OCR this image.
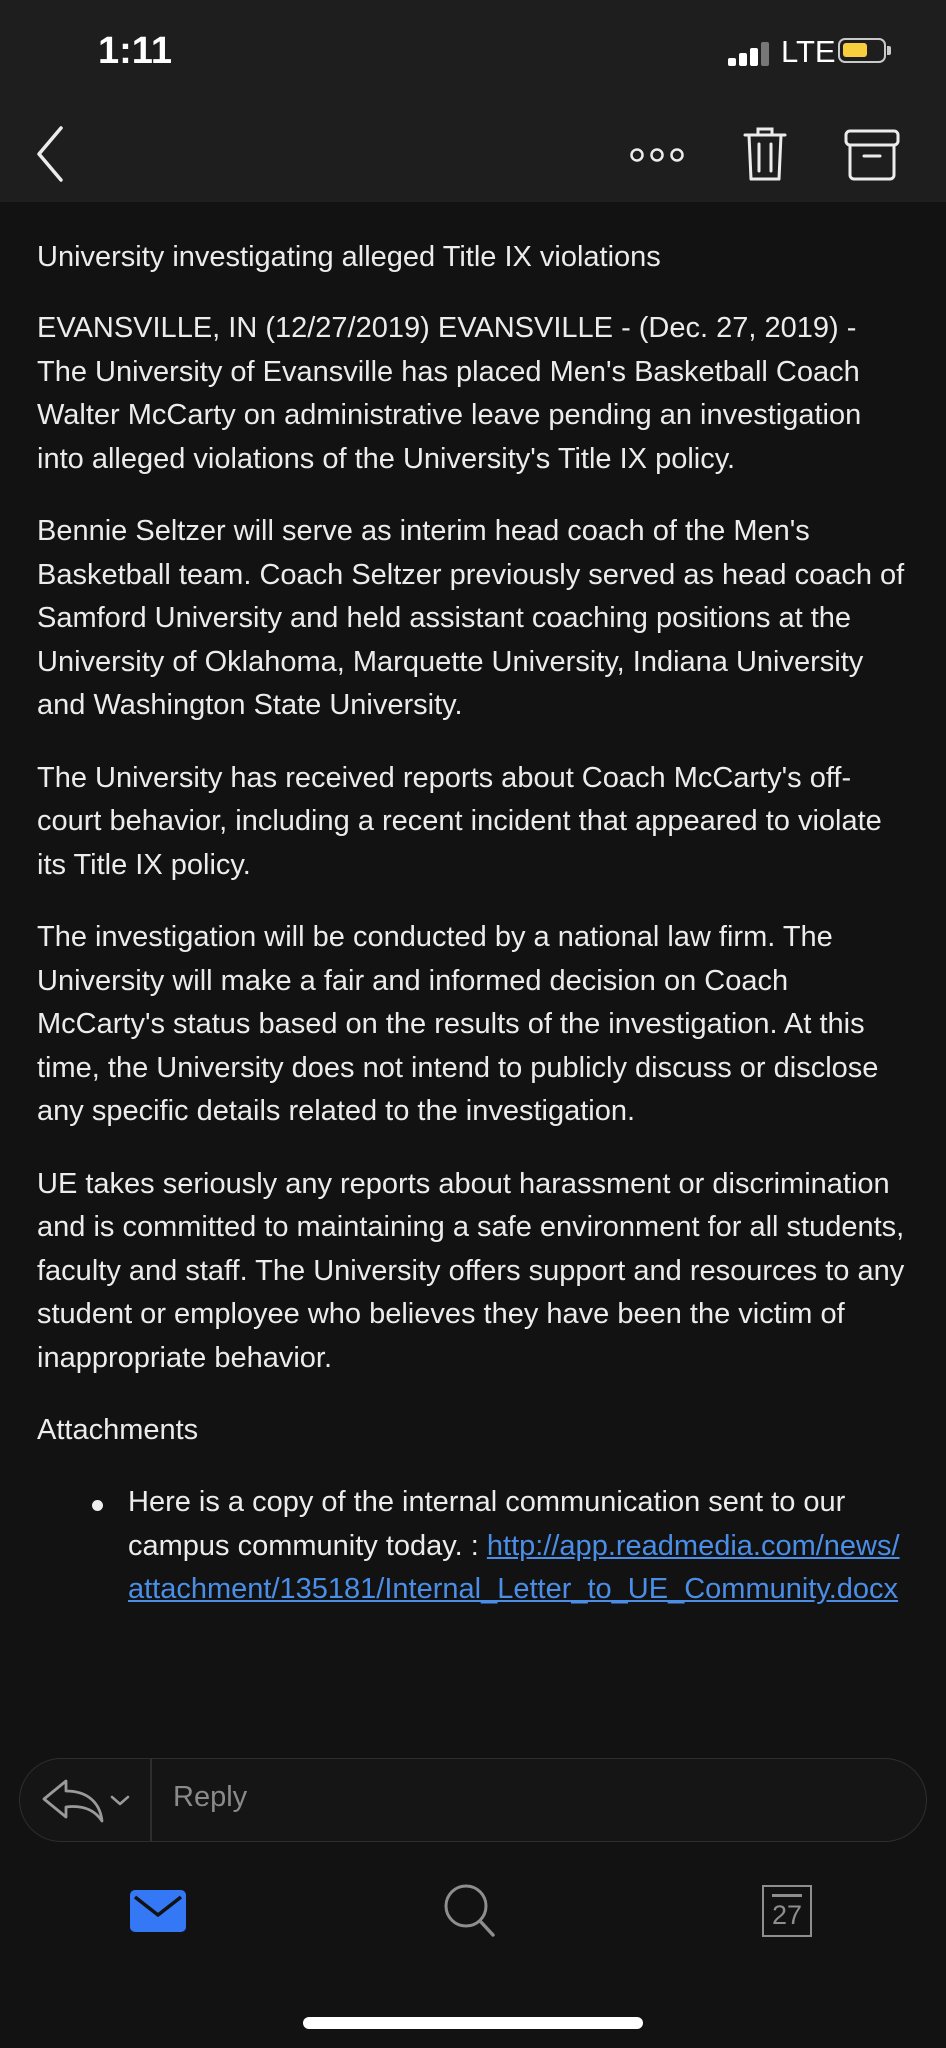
1:11	LTE

University investigating alleged Title IX violations

EVANSVILLE, IN (12/27/2019) EVANSVILLE - (Dec. 27, 2019) - The University of Evansville has placed Men's Basketball Coach Walter McCarty on administrative leave pending an investigation into alleged violations of the University's Title IX policy.

Bennie Seltzer will serve as interim head coach of the Men's Basketball team. Coach Seltzer previously served as head coach of Samford University and held assistant coaching positions at the University of Oklahoma, Marquette University, Indiana University and Washington State University.

The University has received reports about Coach McCarty's off-court behavior, including a recent incident that appeared to violate its Title IX policy.

The investigation will be conducted by a national law firm. The University will make a fair and informed decision on Coach McCarty's status based on the results of the investigation. At this time, the University does not intend to publicly discuss or disclose any specific details related to the investigation.

UE takes seriously any reports about harassment or discrimination and is committed to maintaining a safe environment for all students, faculty and staff. The University offers support and resources to any student or employee who believes they have been the victim of inappropriate behavior.

Attachments

Here is a copy of the internal communication sent to our campus community today. : http://app.readmedia.com/news/attachment/135181/Internal_Letter_to_UE_Community.docx
Reply
27
